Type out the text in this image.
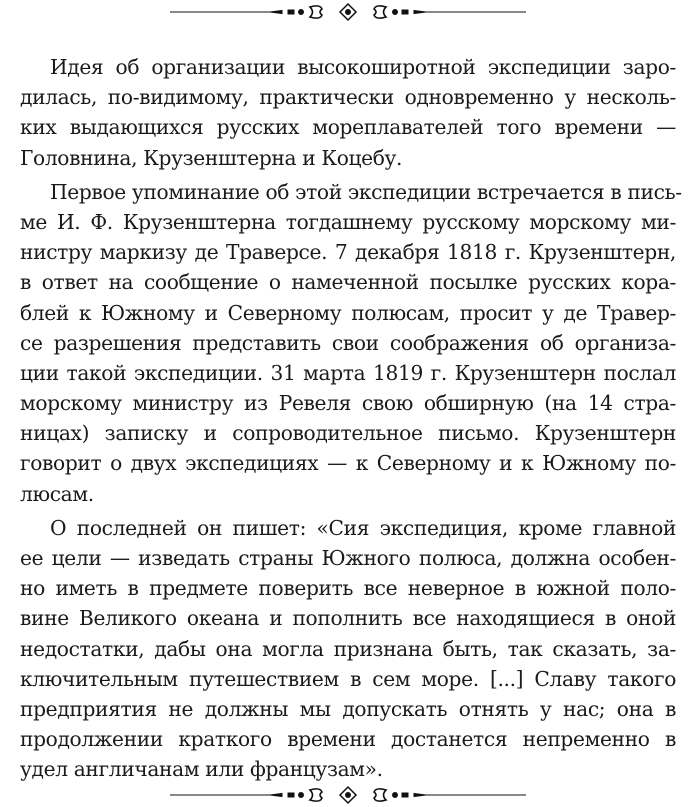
Идея об организации высокоширотной экспедиции заро-
дилась, по-видимому, практически одновременно у несколь-
ких выдающихся русских мореплавателей того времени —
Головнина, Крузенштерна и Коцебу.
Первое упоминание об этой экспедиции встречается в пись-
ме И. Ф. Крузенштерна тогдашнему русскому морскому ми-
нистру маркизу де Траверсе. 7 декабря 1818 г. Крузенштерн,
в ответ на сообщение о намеченной посылке русских кора-
блей к Южному и Северному полюсам, просит у де Травер-
се разрешения представить свои соображения об организа-
ции такой экспедиции. 31 марта 1819 г. Крузенштерн послал
морскому министру из Ревеля свою обширную (на 14 стра-
ницах) записку и сопроводительное письмо. Крузенштерн
говорит о двух экспедициях — к Северному и к Южному по-
люсам.
О последней он пишет: «Сия экспедиция, кроме главной
ее цели — изведать страны Южного полюса, должна особен-
но иметь в предмете поверить все неверное в южной поло-
вине Великого океана и пополнить все находящиеся в оной
недостатки, дабы она могла признана быть, так сказать, за-
ключительным путешествием в сем море. [...] Славу такого
предприятия не должны мы допускать отнять у нас; она в
продолжении краткого времени достанется непременно в
удел англичанам или французам».
